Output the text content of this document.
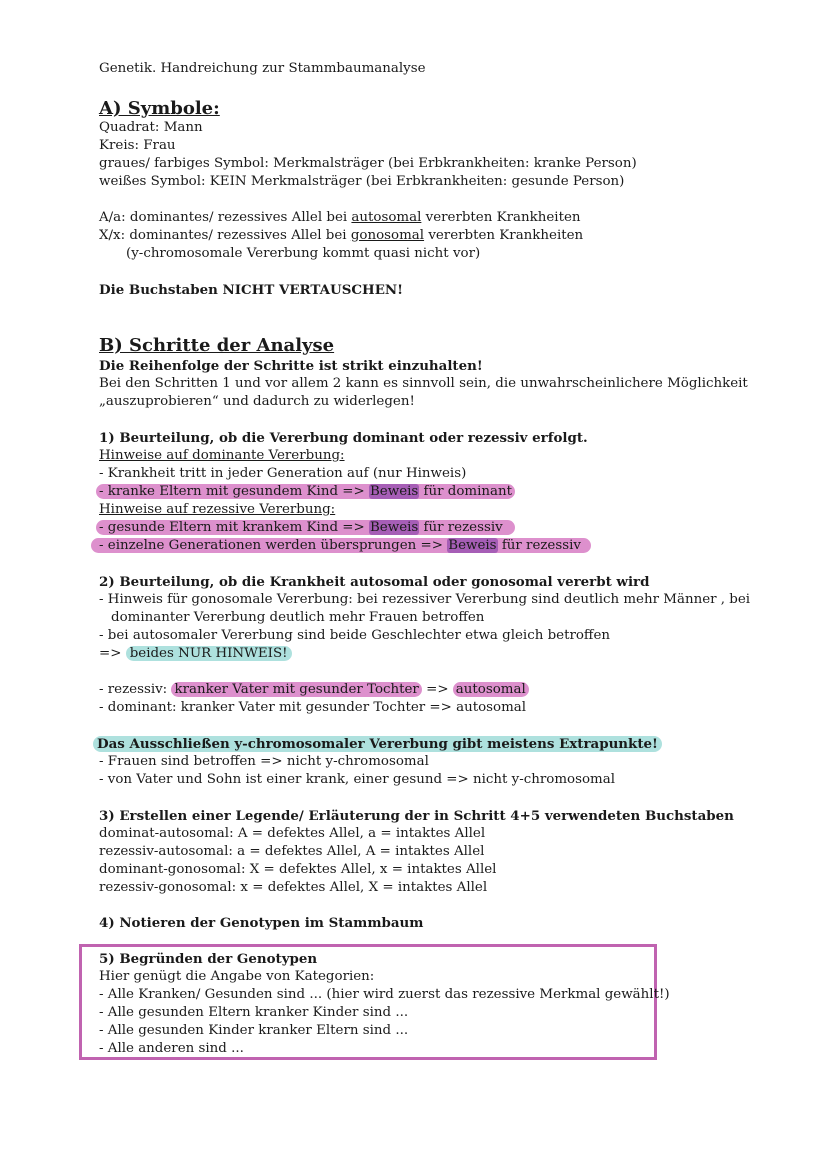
Genetik. Handreichung zur Stammbaumanalyse
A) Symbole:
Quadrat: Mann
Kreis: Frau
graues/ farbiges Symbol: Merkmalsträger (bei Erbkrankheiten: kranke Person)
weißes Symbol: KEIN Merkmalsträger (bei Erbkrankheiten: gesunde Person)
A/a: dominantes/ rezessives Allel bei autosomal vererbten Krankheiten
X/x: dominantes/ rezessives Allel bei gonosomal vererbten Krankheiten
(y-chromosomale Vererbung kommt quasi nicht vor)
Die Buchstaben NICHT VERTAUSCHEN!
B) Schritte der Analyse
Die Reihenfolge der Schritte ist strikt einzuhalten!
Bei den Schritten 1 und vor allem 2 kann es sinnvoll sein, die unwahrscheinlichere Möglichkeit
„auszuprobieren“ und dadurch zu widerlegen!
1) Beurteilung, ob die Vererbung dominant oder rezessiv erfolgt.
Hinweise auf dominante Vererbung:
- Krankheit tritt in jeder Generation auf (nur Hinweis)
- kranke Eltern mit gesundem Kind => Beweis für dominant
Hinweise auf rezessive Vererbung:
- gesunde Eltern mit krankem Kind => Beweis für rezessiv
- einzelne Generationen werden übersprungen => Beweis für rezessiv
2) Beurteilung, ob die Krankheit autosomal oder gonosomal vererbt wird
- Hinweis für gonosomale Vererbung: bei rezessiver Vererbung sind deutlich mehr Männer , bei
dominanter Vererbung deutlich mehr Frauen betroffen
- bei autosomaler Vererbung sind beide Geschlechter etwa gleich betroffen
=> beides NUR HINWEIS!
- rezessiv: kranker Vater mit gesunder Tochter => autosomal
- dominant: kranker Vater mit gesunder Tochter => autosomal
Das Ausschließen y-chromosomaler Vererbung gibt meistens Extrapunkte!
- Frauen sind betroffen => nicht y-chromosomal
- von Vater und Sohn ist einer krank, einer gesund => nicht y-chromosomal
3) Erstellen einer Legende/ Erläuterung der in Schritt 4+5 verwendeten Buchstaben
dominat-autosomal: A = defektes Allel, a = intaktes Allel
rezessiv-autosomal: a = defektes Allel, A = intaktes Allel
dominant-gonosomal: X = defektes Allel, x = intaktes Allel
rezessiv-gonosomal: x = defektes Allel, X = intaktes Allel
4) Notieren der Genotypen im Stammbaum
5) Begründen der Genotypen
Hier genügt die Angabe von Kategorien:
- Alle Kranken/ Gesunden sind ... (hier wird zuerst das rezessive Merkmal gewählt!)
- Alle gesunden Eltern kranker Kinder sind ...
- Alle gesunden Kinder kranker Eltern sind ...
- Alle anderen sind ...
